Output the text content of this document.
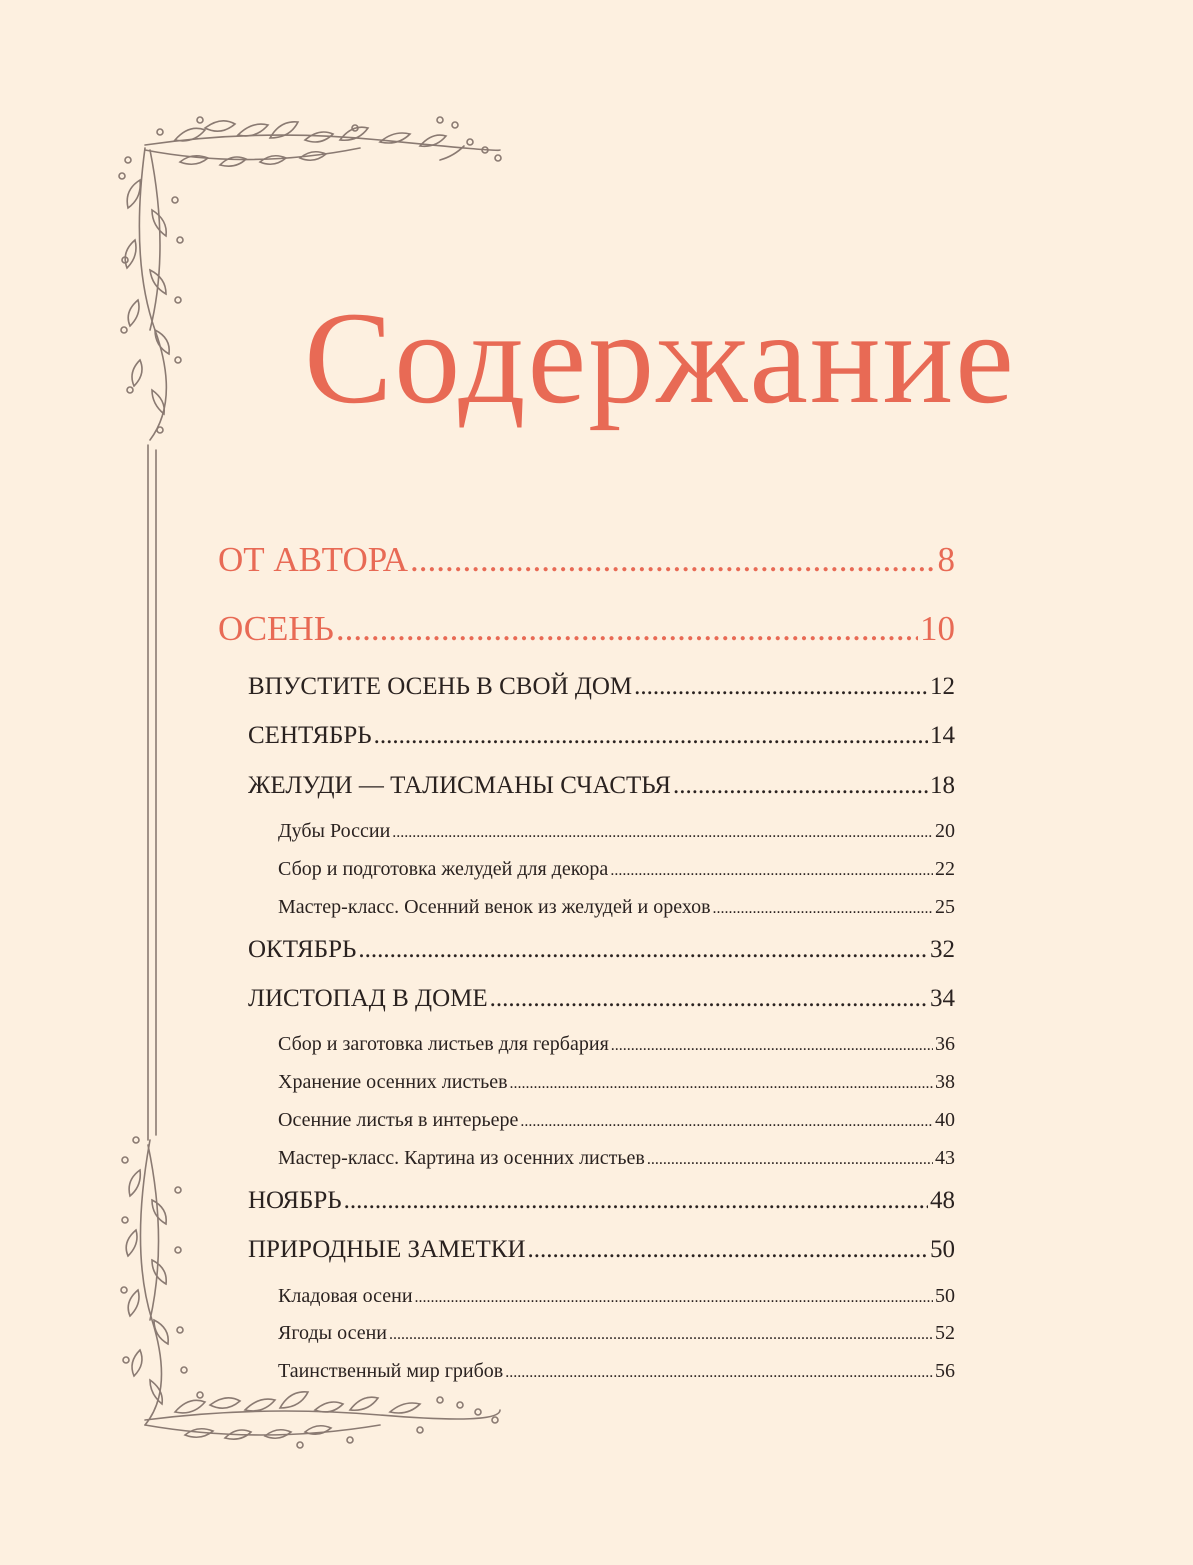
Содержание
ОТ АВТОРА .....	8
ОСЕНЬ .....	10
ВПУСТИТЕ ОСЕНЬ В СВОЙ ДОМ .....	12
СЕНТЯБРЬ .....	14
ЖЕЛУДИ — ТАЛИСМАНЫ СЧАСТЬЯ .....	18
Дубы России .....	20
Сбор и подготовка желудей для декора .....	22
Мастер-класс. Осенний венок из желудей и орехов .....	25
ОКТЯБРЬ .....	32
ЛИСТОПАД В ДОМЕ .....	34
Сбор и заготовка листьев для гербария .....	36
Хранение осенних листьев .....	38
Осенние листья в интерьере .....	40
Мастер-класс. Картина из осенних листьев .....	43
НОЯБРЬ .....	48
ПРИРОДНЫЕ ЗАМЕТКИ .....	50
Кладовая осени .....	50
Ягоды осени .....	52
Таинственный мир грибов .....	56
